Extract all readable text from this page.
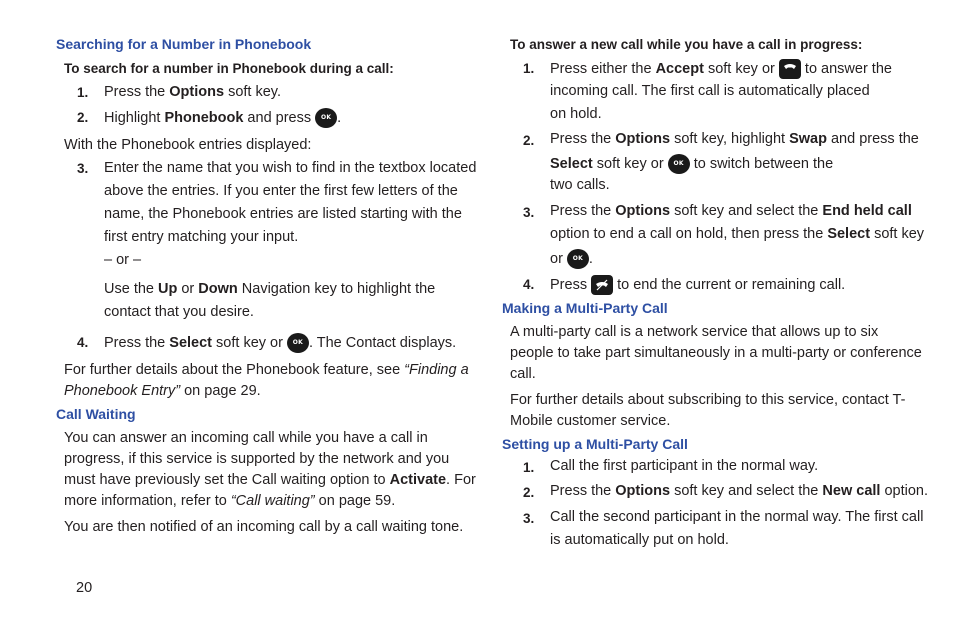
Searching for a Number in Phonebook
To search for a number in Phonebook during a call:
1. Press the Options soft key.
2. Highlight Phonebook and press OK .
With the Phonebook entries displayed:
3. Enter the name that you wish to find in the textbox located
above the entries. If you enter the first few letters of the
name, the Phonebook entries are listed starting with the
first entry matching your input.
– or –
Use the Up or Down Navigation key to highlight the
contact that you desire.
4. Press the Select soft key or OK . The Contact displays.
For further details about the Phonebook feature, see “Finding a
Phonebook Entry” on page 29.
Call Waiting
You can answer an incoming call while you have a call in
progress, if this service is supported by the network and you
must have previously set the Call waiting option to Activate. For
more information, refer to “Call waiting” on page 59.
You are then notified of an incoming call by a call waiting tone.
20
To answer a new call while you have a call in progress:
1. Press either the Accept soft key or
to answer the
incoming call. The first call is automatically placed
on hold.
2. Press the Options soft key, highlight Swap and press the
Select soft key or OK to switch between the
two calls.
3. Press the Options soft key and select the End held call
option to end a call on hold, then press the Select soft key
or OK .
4. Press
to end the current or remaining call.
Making a Multi-Party Call
A multi-party call is a network service that allows up to six
people to take part simultaneously in a multi-party or conference
call.
For further details about subscribing to this service, contact T-
Mobile customer service.
Setting up a Multi-Party Call
1. Call the first participant in the normal way.
2. Press the Options soft key and select the New call option.
3. Call the second participant in the normal way. The first call
is automatically put on hold.
